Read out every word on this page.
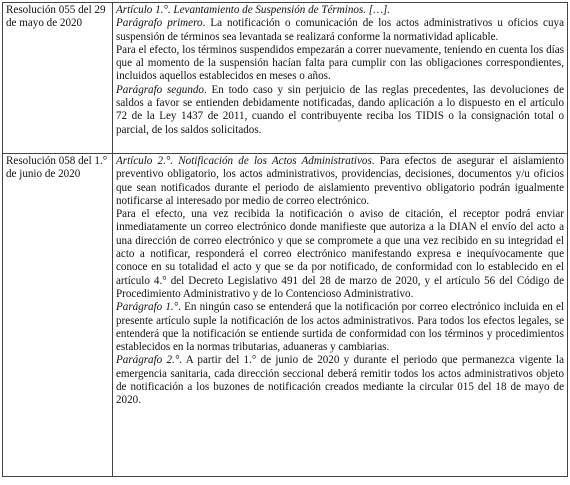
Resolución 055 del 29 de mayo de 2020	Artículo 1.°. Levantamiento de Suspensión de Términos. […].

Parágrafo primero. La notificación o comunicación de los actos administrativos u oficios cuya suspensión de términos sea levantada se realizará conforme la normatividad aplicable.

Para el efecto, los términos suspendidos empezarán a correr nuevamente, teniendo en cuenta los días que al momento de la suspensión hacían falta para cumplir con las obligaciones correspondientes, incluidos aquellos establecidos en meses o años.

Parágrafo segundo. En todo caso y sin perjuicio de las reglas precedentes, las devoluciones de saldos a favor se entienden debidamente notificadas, dando aplicación a lo dispuesto en el artículo 72 de la Ley 1437 de 2011, cuando el contribuyente reciba los TIDIS o la consignación total o parcial, de los saldos solicitados.

Resolución 058 del 1.° de junio de 2020	Artículo 2.°. Notificación de los Actos Administrativos. Para efectos de asegurar el aislamiento preventivo obligatorio, los actos administrativos, providencias, decisiones, documentos y/u oficios que sean notificados durante el periodo de aislamiento preventivo obligatorio podrán igualmente notificarse al interesado por medio de correo electrónico.

Para el efecto, una vez recibida la notificación o aviso de citación, el receptor podrá enviar inmediatamente un correo electrónico donde manifieste que autoriza a la DIAN el envío del acto a una dirección de correo electrónico y que se compromete a que una vez recibido en su integridad el acto a notificar, responderá el correo electrónico manifestando expresa e inequívocamente que conoce en su totalidad el acto y que se da por notificado, de conformidad con lo establecido en el artículo 4.° del Decreto Legislativo 491 del 28 de marzo de 2020, y el artículo 56 del Código de Procedimiento Administrativo y de lo Contencioso Administrativo.

Parágrafo 1.°. En ningún caso se entenderá que la notificación por correo electrónico incluida en el presente artículo suple la notificación de los actos administrativos. Para todos los efectos legales, se entenderá que la notificación se entiende surtida de conformidad con los términos y procedimientos establecidos en la normas tributarias, aduaneras y cambiarias.

Parágrafo 2.°. A partir del 1.° de junio de 2020 y durante el periodo que permanezca vigente la emergencia sanitaria, cada dirección seccional deberá remitir todos los actos administrativos objeto de notificación a los buzones de notificación creados mediante la circular 015 del 18 de mayo de 2020.
